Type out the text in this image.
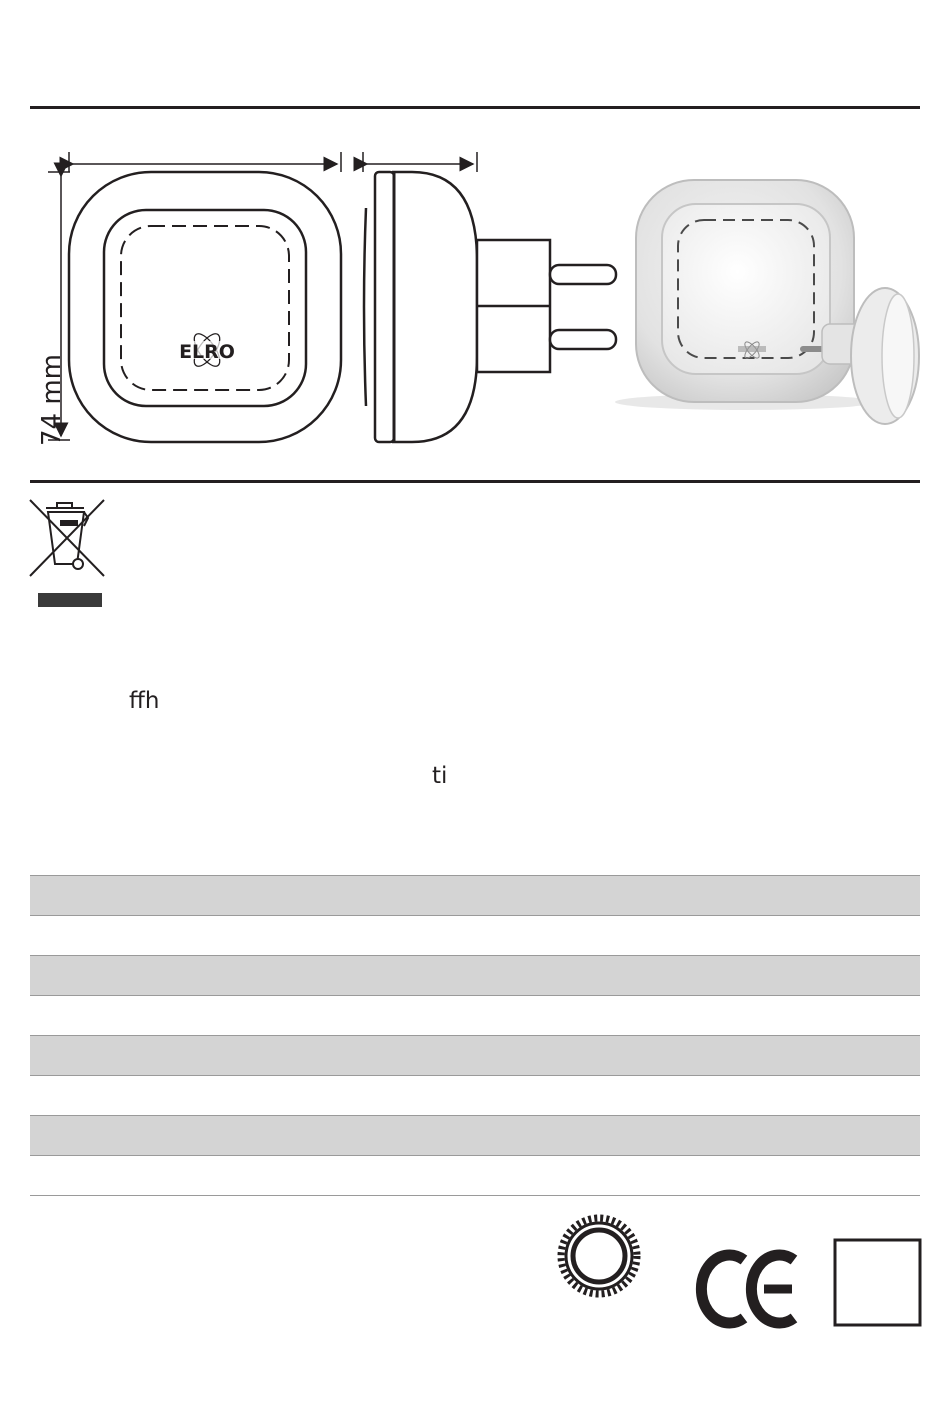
ELRO
74 mm
ffh
ti
